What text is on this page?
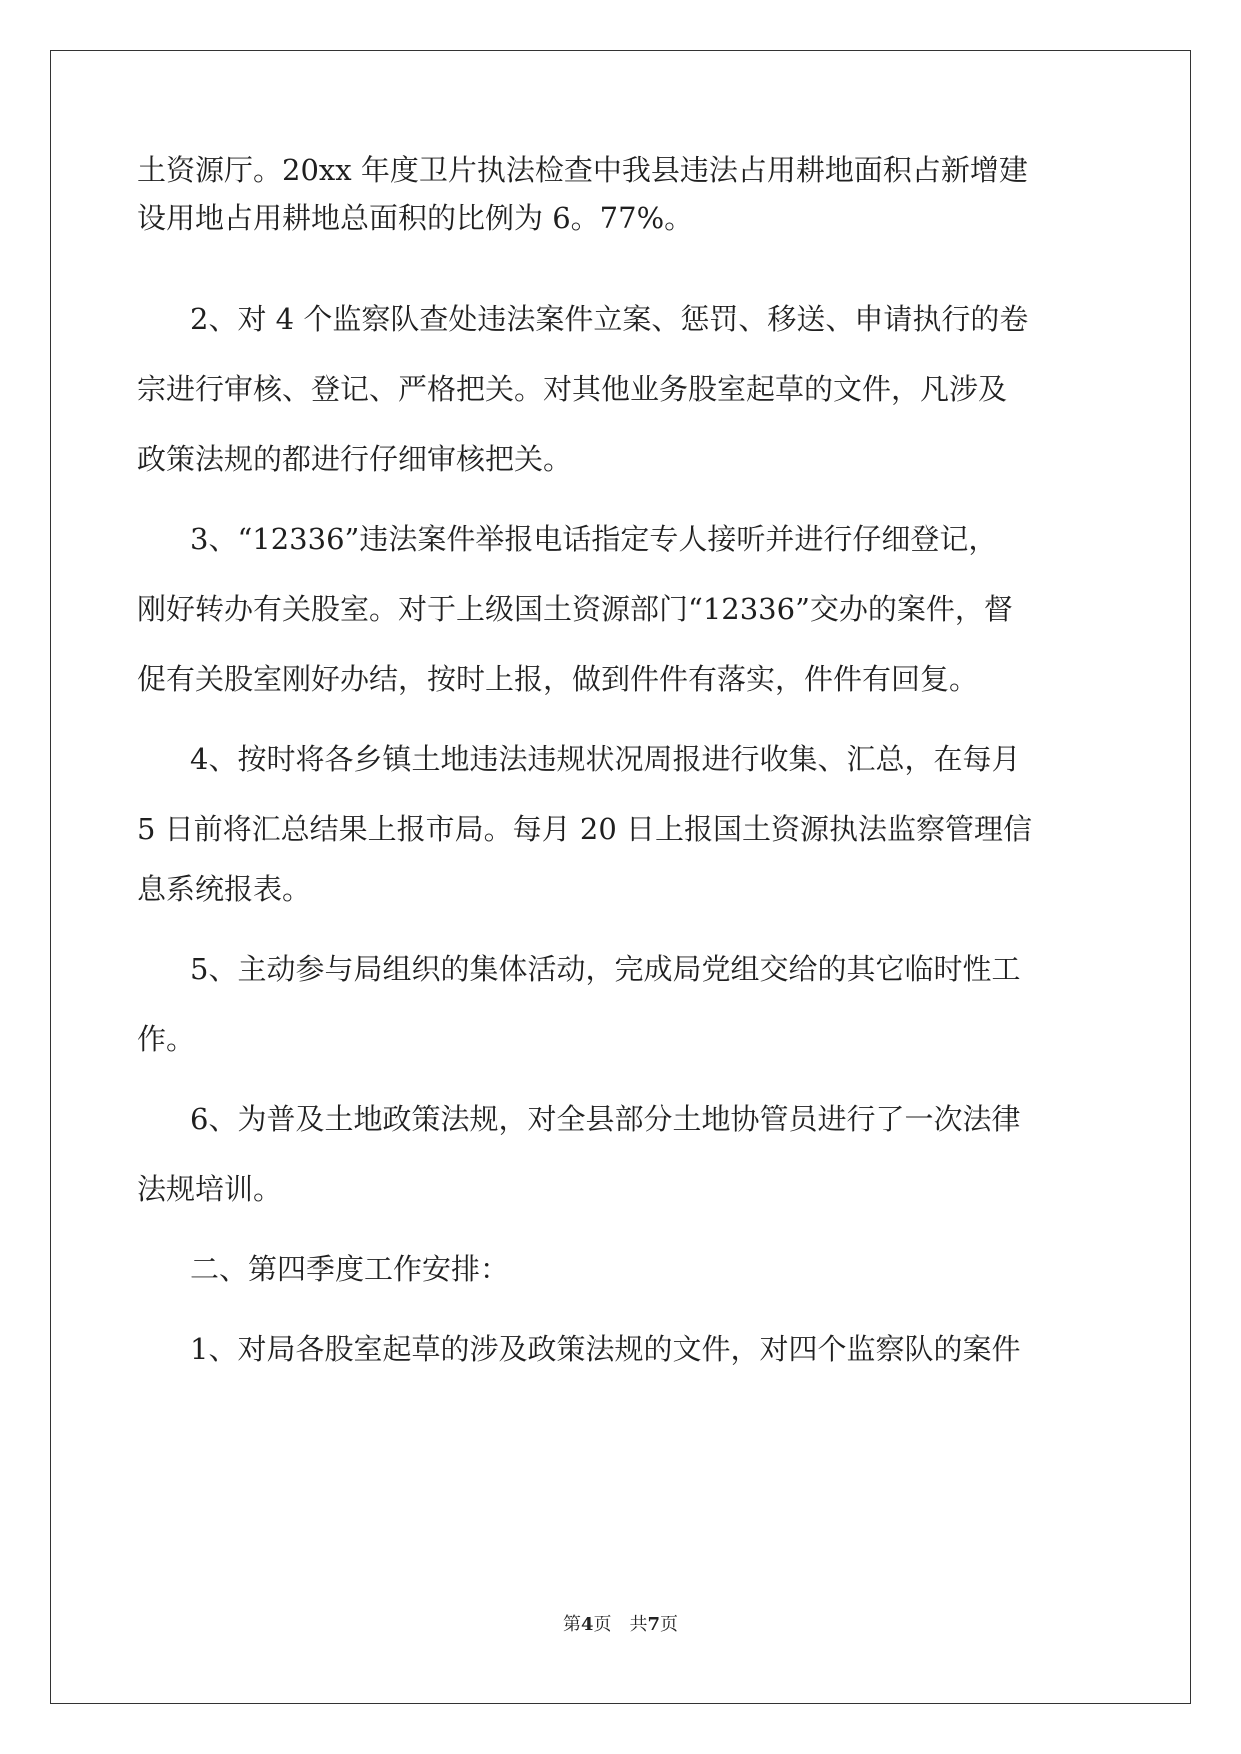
土资源厅。20xx 年度卫片执法检查中我县违法占用耕地面积占新增建
设用地占用耕地总面积的比例为 6。77%。
2、对 4 个监察队查处违法案件立案、惩罚、移送、申请执行的卷
宗进行审核、登记、严格把关。对其他业务股室起草的文件，凡涉及
政策法规的都进行仔细审核把关。
3、“12336”违法案件举报电话指定专人接听并进行仔细登记，
刚好转办有关股室。对于上级国土资源部门“12336”交办的案件，督
促有关股室刚好办结，按时上报，做到件件有落实，件件有回复。
4、按时将各乡镇土地违法违规状况周报进行收集、汇总，在每月
5 日前将汇总结果上报市局。每月 20 日上报国土资源执法监察管理信
息系统报表。
5、主动参与局组织的集体活动，完成局党组交给的其它临时性工
作。
6、为普及土地政策法规，对全县部分土地协管员进行了一次法律
法规培训。
二、第四季度工作安排：
1、对局各股室起草的涉及政策法规的文件，对四个监察队的案件
第4页 共7页
